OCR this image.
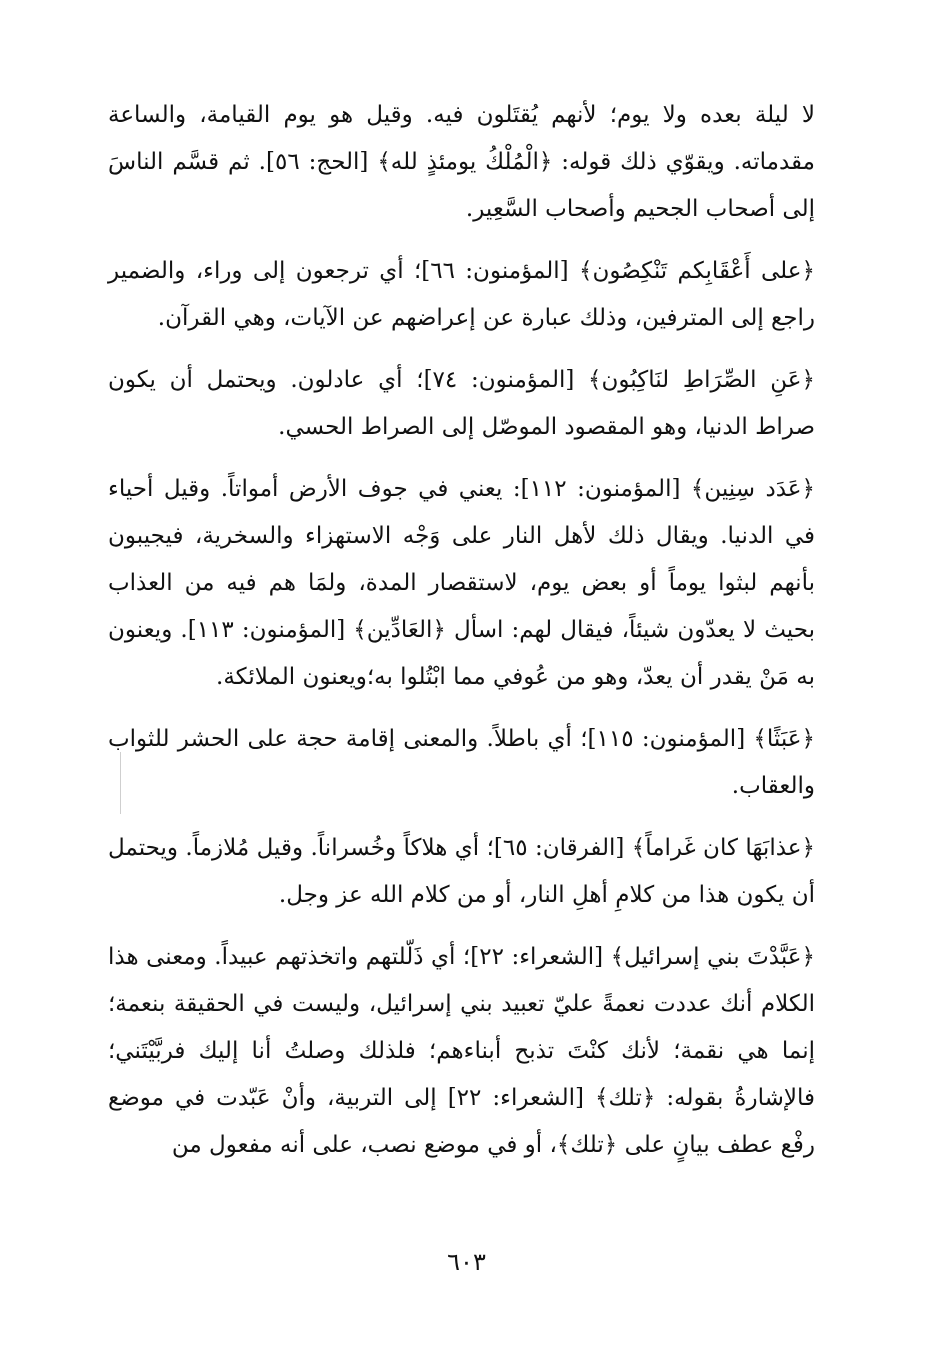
لا ليلة بعده ولا يوم؛ لأنهم يُقتَلون فيه. وقيل هو يوم القيامة، والساعة مقدماته. ويقوّي ذلك قوله: ﴿الْمُلْكُ يومئذٍ لله﴾ [الحج: ٥٦]. ثم قسَّم الناسَ إلى أصحاب الجحيم وأصحاب السَّعِير.

﴿على أَعْقَابِكم تَنْكِصُون﴾ [المؤمنون: ٦٦]؛ أي ترجعون إلى وراء، والضمير راجع إلى المترفين، وذلك عبارة عن إعراضهم عن الآيات، وهي القرآن.

﴿عَنِ الصِّرَاطِ لنَاكِبُون﴾ [المؤمنون: ٧٤]؛ أي عادلون. ويحتمل أن يكون صراط الدنيا، وهو المقصود الموصّل إلى الصراط الحسي.

﴿عَدَد سِنِين﴾ [المؤمنون: ١١٢]: يعني في جوف الأرض أمواتاً. وقيل أحياء في الدنيا. ويقال ذلك لأهل النار على وَجْه الاستهزاء والسخرية، فيجيبون بأنهم لبثوا يوماً أو بعض يوم، لاستقصار المدة، ولمَا هم فيه من العذاب بحيث لا يعدّون شيئاً، فيقال لهم: اسأل ﴿العَادِّين﴾ [المؤمنون: ١١٣]. ويعنون به مَنْ يقدر أن يعدّ، وهو من عُوفي مما ابْتُلوا به؛ويعنون الملائكة.

﴿عَبَثًا﴾ [المؤمنون: ١١٥]؛ أي باطلاً. والمعنى إقامة حجة على الحشر للثواب والعقاب.

﴿عذابَهَا كان غَراماً﴾ [الفرقان: ٦٥]؛ أي هلاكاً وخُسراناً. وقيل مُلازماً. ويحتمل أن يكون هذا من كلامِ أهلِ النار، أو من كلام الله عز وجل.

﴿عَبَّدْتَ بني إسرائيل﴾ [الشعراء: ٢٢]؛ أي ذَلّلتهم واتخذتهم عبيداً. ومعنى هذا الكلام أنك عددت نعمةً عليّ تعبيد بني إسرائيل، وليست في الحقيقة بنعمة؛ إنما هي نقمة؛ لأنك كنْتَ تذبح أبناءهم؛ فلذلك وصلتُ أنا إليك فربَّيْتَني؛ فالإشارةُ بقوله: ﴿تلك﴾ [الشعراء: ٢٢] إلى التربية، وأنْ عَبّدت في موضع رفْع عطف بيانٍ على ﴿تلك﴾، أو في موضع نصب، على أنه مفعول من

٦٠٣
